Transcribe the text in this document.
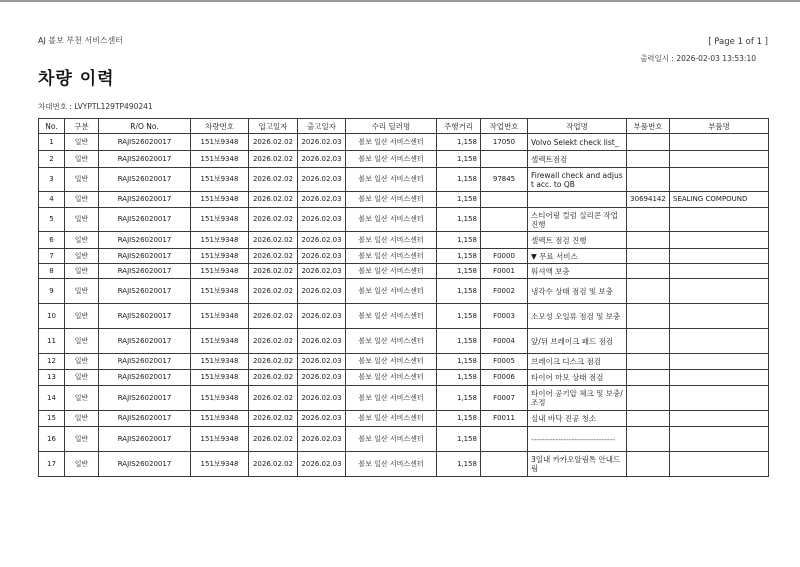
AJ 볼보 부천 서비스센터	[ Page 1 of 1 ]
출력일시 : 2026-02-03 13:53:10
차량 이력
차대번호 : LVYPTL129TP490241
No.	구분	R/O No.	차량번호	입고일자	출고일자	수리 딜러명	주행거리	작업번호	작업명	부품번호	부품명
1	일반	RAJIS26020017	151보9348	2026.02.02	2026.02.03	볼보 일산 서비스센터	1,158	17050	Volvo Selekt check list_		
2	일반	RAJIS26020017	151보9348	2026.02.02	2026.02.03	볼보 일산 서비스센터	1,158		셀렉트점검		
3	일반	RAJIS26020017	151보9348	2026.02.02	2026.02.03	볼보 일산 서비스센터	1,158	97845	Firewall check and adjust acc. to QB		
4	일반	RAJIS26020017	151보9348	2026.02.02	2026.02.03	볼보 일산 서비스센터	1,158			30694142	SEALING COMPOUND
5	일반	RAJIS26020017	151보9348	2026.02.02	2026.02.03	볼보 일산 서비스센터	1,158		스티어링 컬럼 실리콘 작업 진행		
6	일반	RAJIS26020017	151보9348	2026.02.02	2026.02.03	볼보 일산 서비스센터	1,158		셀렉트 점검 진행		
7	일반	RAJIS26020017	151보9348	2026.02.02	2026.02.03	볼보 일산 서비스센터	1,158	F0000	▼ 무료 서비스		
8	일반	RAJIS26020017	151보9348	2026.02.02	2026.02.03	볼보 일산 서비스센터	1,158	F0001	워셔액 보충		
9	일반	RAJIS26020017	151보9348	2026.02.02	2026.02.03	볼보 일산 서비스센터	1,158	F0002	냉각수 상태 점검 및 보충		
10	일반	RAJIS26020017	151보9348	2026.02.02	2026.02.03	볼보 일산 서비스센터	1,158	F0003	소모성 오일류 점검 및 보충		
11	일반	RAJIS26020017	151보9348	2026.02.02	2026.02.03	볼보 일산 서비스센터	1,158	F0004	앞/뒤 브레이크 패드 점검		
12	일반	RAJIS26020017	151보9348	2026.02.02	2026.02.03	볼보 일산 서비스센터	1,158	F0005	브레이크 디스크 점검		
13	일반	RAJIS26020017	151보9348	2026.02.02	2026.02.03	볼보 일산 서비스센터	1,158	F0006	타이어 마모 상태 점검		
14	일반	RAJIS26020017	151보9348	2026.02.02	2026.02.03	볼보 일산 서비스센터	1,158	F0007	타이어 공기압 체크 및 보충/조정		
15	일반	RAJIS26020017	151보9348	2026.02.02	2026.02.03	볼보 일산 서비스센터	1,158	F0011	실내 바닥 진공 청소		
16	일반	RAJIS26020017	151보9348	2026.02.02	2026.02.03	볼보 일산 서비스센터	1,158		-------------------------------		
17	일반	RAJIS26020017	151보9348	2026.02.02	2026.02.03	볼보 일산 서비스센터	1,158		3일내 카카오알림톡 안내드림		
